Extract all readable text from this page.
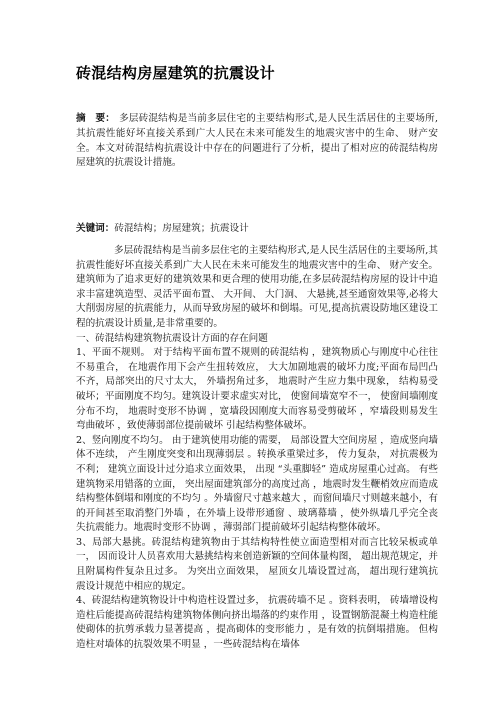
砖混结构房屋建筑的抗震设计
摘　要： 多层砖混结构是当前多层住宅的主要结构形式,是人民生活居住的主要场所,其抗震性能好坏直接关系到广大人民在未来可能发生的地震灾害中的生命、 财产安全。本文对砖混结构抗震设计中存在的问题进行了分析，提出了相对应的砖混结构房屋建筑的抗震设计措施。
关键词：砖混结构；房屋建筑；抗震设计

多层砖混结构是当前多层住宅的主要结构形式,是人民生活居住的主要场所,其抗震性能好坏直接关系到广大人民在未来可能发生的地震灾害中的生命、 财产安全。建筑师为了追求更好的建筑效果和更合理的使用功能,在多层砖混结构房屋的设计中追求丰富建筑造型、灵活平面布置、 大开间、 大门洞、 大悬挑,甚至通窗效果等,必将大大削弱房屋的抗震能力，从而导致房屋的破坏和倒塌。可见,提高抗震设防地区建设工程的抗震设计质量,是非常重要的。

一、砖混结构建筑物抗震设计方面的存在问题

1、平面不规则。 对于结构平面布置不规则的砖混结构 ，建筑物质心与刚度中心往往不易重合， 在地震作用下会产生扭转效应， 大大加剧地震的破坏力度;平面布局凹凸不齐，局部突出的尺寸太大， 外墙拐角过多， 地震时产生应力集中现象， 结构易受破坏；平面刚度不均匀。建筑设计要求虚实对比， 使窗间墙宽窄不一， 使窗间墙刚度分布不均， 地震时变形不协调 ，宽墙段因刚度大而容易受剪破坏 ，窄墙段则易发生弯曲破坏 ，致使薄弱部位提前破坏 引起结构整体破坏。

2、竖向刚度不均匀。 由于建筑使用功能的需要， 局部设置大空间房屋 ，造成竖向墙体不连续， 产生刚度突变和出现薄弱层 。转换承重梁过多， 传力复杂， 对抗震极为不利； 建筑立面设计过分追求立面效果， 出现 “头重脚轻” 造成房屋重心过高。 有些建筑物采用错落的立面， 突出屋面建筑部分的高度过高 ，地震时发生鞭梢效应而造成结构整体倒塌和刚度的不均匀 。外墙窗尺寸越来越大 ，而窗间墙尺寸则越来越小，有的开间甚至取消整门外墙 ，在外墙上设带形通窗 、玻璃幕墙 ，使外纵墙几乎完全丧失抗震能力。地震时变形不协调 ，薄弱部门提前破坏引起结构整体破坏。

3、局部大悬挑。砖混结构建筑物由于其结构特性使立面造型相对而言比较呆板或单一， 因而设计人员喜欢用大悬挑结构来创造新颖的空间体量构图， 超出规范规定，并且附属构件复杂且过多。 为突出立面效果， 屋顶女儿墙设置过高， 超出现行建筑抗震设计规范中相应的规定。

4、砖混结构建筑物设计中构造柱设置过多， 抗震砖墙不足 。资料表明， 砖墙增设构造柱后能提高砖混结构建筑物体侧向挤出塌落的约束作用 ，设置钢筋混凝土构造柱能使砌体的抗剪承载力显著提高 ，提高砌体的变形能力 ，是有效的抗倒塌措施。 但构造柱对墙体的抗裂效果不明显 ，一些砖混结构在墙体
